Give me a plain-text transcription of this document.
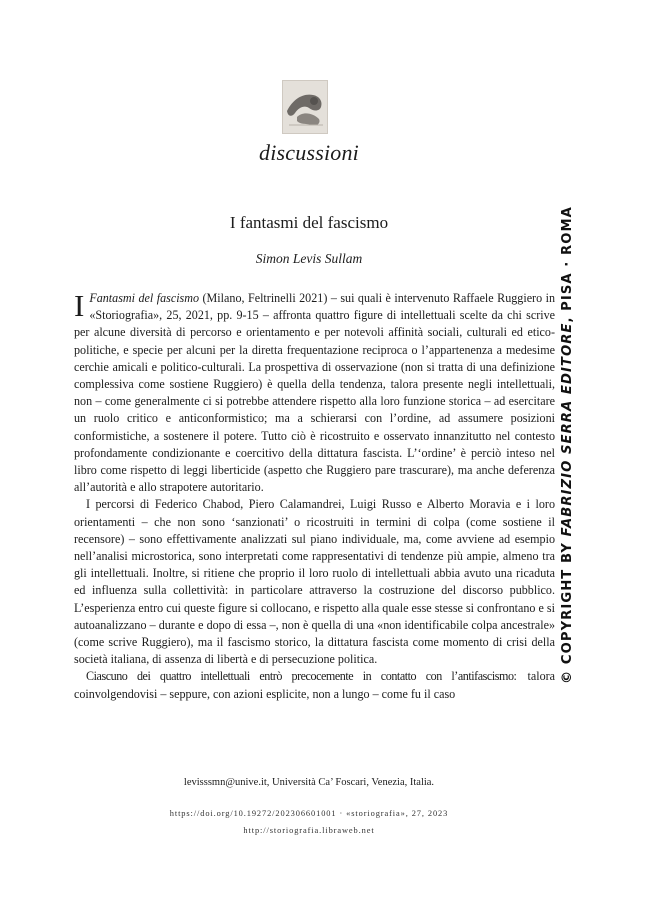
discussioni
I fantasmi del fascismo
Simon Levis Sullam

I Fantasmi del fascismo (Milano, Feltrinelli 2021) – sui quali è intervenuto Raffaele Ruggiero in «Storiografia», 25, 2021, pp. 9-15 – affronta quattro figure di intellettuali scelte da chi scrive per alcune diversità di percorso e orientamento e per notevoli affinità sociali, culturali ed etico-politiche, e specie per alcuni per la diretta frequentazione reciproca o l’appartenenza a medesime cerchie amicali e politico-culturali. La prospettiva di osservazione (non si tratta di una definizione complessiva come sostiene Ruggiero) è quella della tendenza, talora presente negli intellettuali, non – come generalmente ci si potrebbe attendere rispetto alla loro funzione storica – ad esercitare un ruolo critico e anticonformistico; ma a schierarsi con l’ordine, ad assumere posizioni conformistiche, a sostenere il potere. Tutto ciò è ricostruito e osservato innanzitutto nel contesto profondamente condizionante e coercitivo della dittatura fascista. L’‘ordine’ è perciò inteso nel libro come rispetto di leggi liberticide (aspetto che Ruggiero pare trascurare), ma anche deferenza all’autorità e allo strapotere autoritario.

I percorsi di Federico Chabod, Piero Calamandrei, Luigi Russo e Alberto Moravia e i loro orientamenti – che non sono ‘sanzionati’ o ricostruiti in termini di colpa (come sostiene il recensore) – sono effettivamente analizzati sul piano individuale, ma, come avviene ad esempio nell’analisi microstorica, sono interpretati come rappresentativi di tendenze più ampie, almeno tra gli intellettuali. Inoltre, si ritiene che proprio il loro ruolo di intellettuali abbia avuto una ricaduta ed influenza sulla collettività: in particolare attraverso la costruzione del discorso pubblico. L’esperienza entro cui queste figure si collocano, e rispetto alla quale esse stesse si confrontano e si autoanalizzano – durante e dopo di essa –, non è quella di una «non identificabile colpa ancestrale» (come scrive Ruggiero), ma il fascismo storico, la dittatura fascista come momento di crisi della società italiana, di assenza di libertà e di persecuzione politica.

Ciascuno dei quattro intellettuali entrò precocemente in contatto con l’antifascismo: talora coinvolgendovisi – seppure, con azioni esplicite, non a lungo – come fu il caso

levisssmn@unive.it, Università Ca’ Foscari, Venezia, Italia.
https://doi.org/10.19272/202306601001 · «storiografia», 27, 2023
http://storiografia.libraweb.net
© COPYRIGHT BY FABRIZIO SERRA EDITORE, PISA · ROMA
